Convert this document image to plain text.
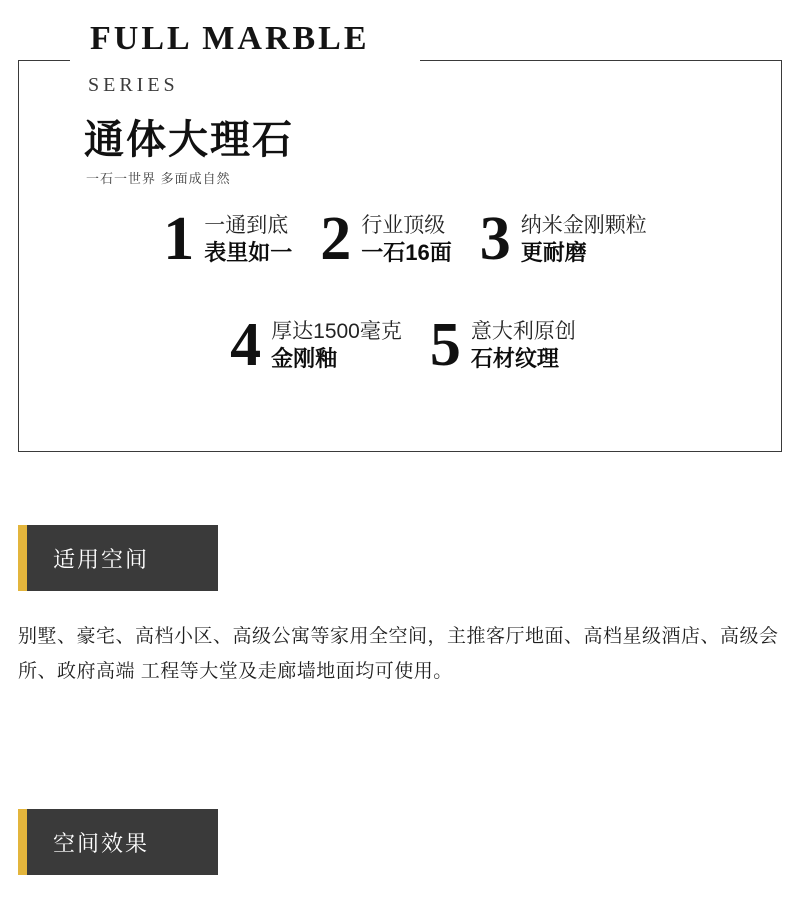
FULL MARBLE
SERIES
通体大理石
一石一世界 多面成自然
1 一通到底
表里如一 2 行业顶级
一石16面 3 纳米金刚颗粒
更耐磨
4 厚达1500毫克
金刚釉	5 意大利原创
石材纹理
适用空间
别墅、豪宅、高档小区、高级公寓等家用全空间，主推客厅地面、高档星级酒店、高级会所、政府高端 工程等大堂及走廊墙地面均可使用。
空间效果
